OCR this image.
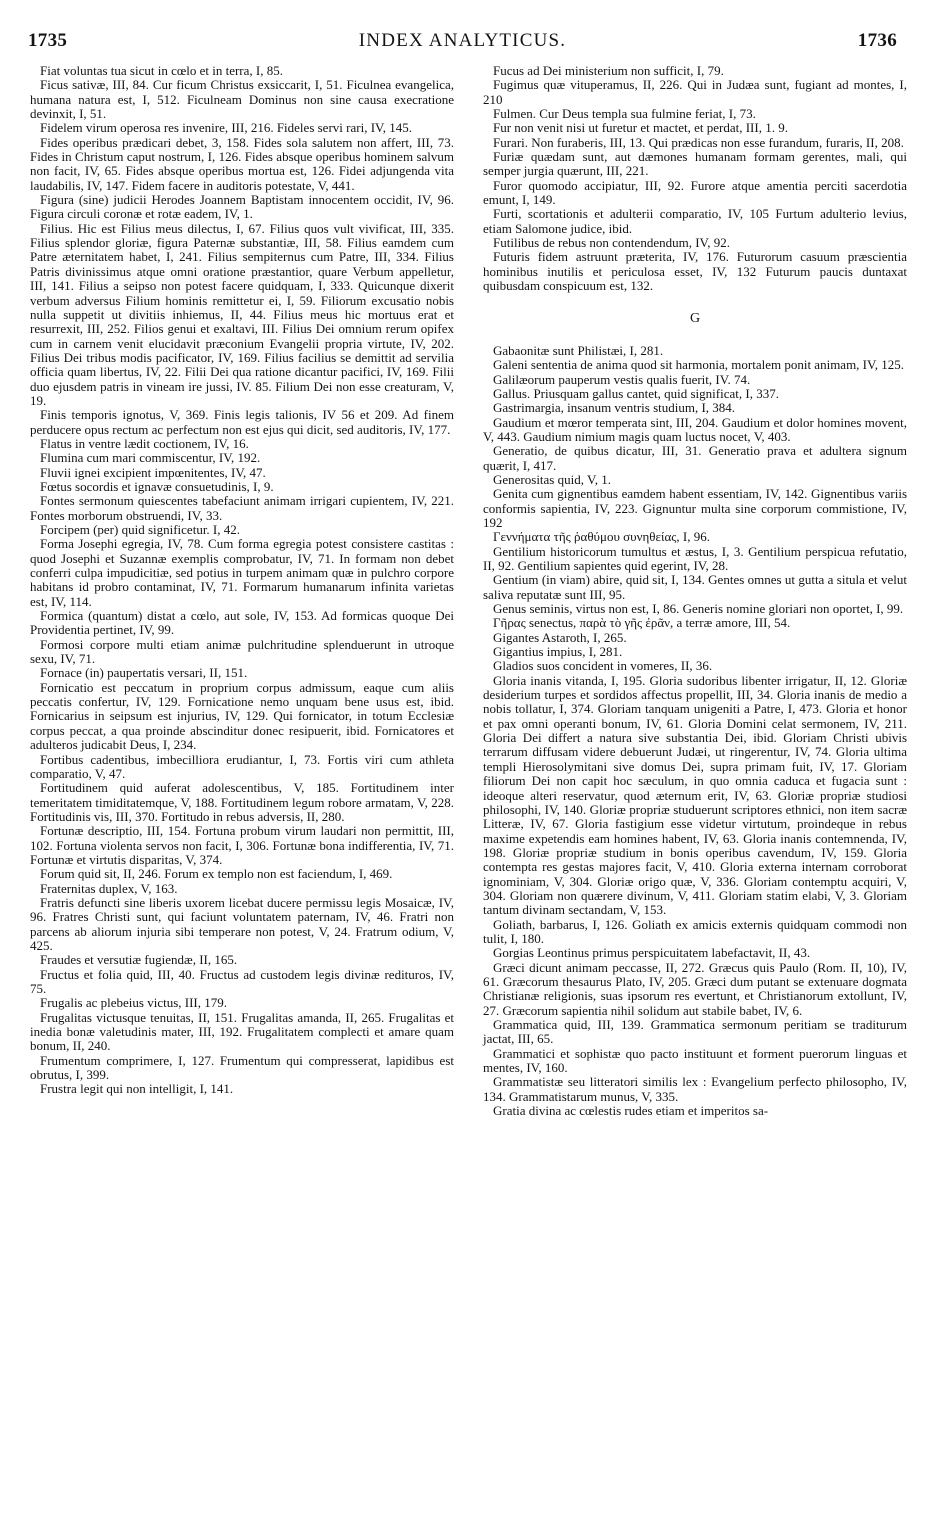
1735	INDEX ANALYTICUS.	1736

Fiat voluntas tua sicut in cœlo et in terra, I, 85.

Ficus sativæ, III, 84. Cur ficum Christus exsiccarit, I, 51. Ficulnea evangelica, humana natura est, I, 512. Ficulneam Dominus non sine causa execratione devinxit, I, 51.

Fidelem virum operosa res invenire, III, 216. Fideles servi rari, IV, 145.

Fides operibus prædicari debet, 3, 158. Fides sola salutem non affert, III, 73. Fides in Christum caput nostrum, I, 126. Fides absque operibus hominem salvum non facit, IV, 65. Fides absque operibus mortua est, 126. Fidei adjungenda vita laudabilis, IV, 147. Fidem facere in auditoris potestate, V, 441.

Figura (sine) judicii Herodes Joannem Baptistam innocentem occidit, IV, 96. Figura circuli coronæ et rotæ eadem, IV, 1.

Filius. Hic est Filius meus dilectus, I, 67. Filius quos vult vivificat, III, 335. Filius splendor gloriæ, figura Paternæ substantiæ, III, 58. Filius eamdem cum Patre æternitatem habet, I, 241. Filius sempiternus cum Patre, III, 334. Filius Patris divinissimus atque omni oratione præstantior, quare Verbum appelletur, III, 141. Filius a seipso non potest facere quidquam, I, 333. Quicunque dixerit verbum adversus Filium hominis remittetur ei, I, 59. Filiorum excusatio nobis nulla suppetit ut divitiis inhiemus, II, 44. Filius meus hic mortuus erat et resurrexit, III, 252. Filios genui et exaltavi, III. Filius Dei omnium rerum opifex cum in carnem venit elucidavit præconium Evangelii propria virtute, IV, 202. Filius Dei tribus modis pacificator, IV, 169. Filius facilius se demittit ad servilia officia quam libertus, IV, 22. Filii Dei qua ratione dicantur pacifici, IV, 169. Filii duo ejusdem patris in vineam ire jussi, IV. 85. Filium Dei non esse creaturam, V, 19.

Finis temporis ignotus, V, 369. Finis legis talionis, IV 56 et 209. Ad finem perducere opus rectum ac perfectum non est ejus qui dicit, sed auditoris, IV, 177.

Flatus in ventre lædit coctionem, IV, 16.

Flumina cum mari commiscentur, IV, 192.

Fluvii ignei excipient impœnitentes, IV, 47.

Fœtus socordis et ignavæ consuetudinis, I, 9.

Fontes sermonum quiescentes tabefaciunt animam irrigari cupientem, IV, 221. Fontes morborum obstruendi, IV, 33.

Forcipem (per) quid significetur. I, 42.

Forma Josephi egregia, IV, 78. Cum forma egregia potest consistere castitas : quod Josephi et Suzannæ exemplis comprobatur, IV, 71. In formam non debet conferri culpa impudicitiæ, sed potius in turpem animam quæ in pulchro corpore habitans id probro contaminat, IV, 71. Formarum humanarum infinita varietas est, IV, 114.

Formica (quantum) distat a cœlo, aut sole, IV, 153. Ad formicas quoque Dei Providentia pertinet, IV, 99.

Formosi corpore multi etiam animæ pulchritudine splenduerunt in utroque sexu, IV, 71.

Fornace (in) paupertatis versari, II, 151.

Fornicatio est peccatum in proprium corpus admissum, eaque cum aliis peccatis confertur, IV, 129. Fornicatione nemo unquam bene usus est, ibid. Fornicarius in seipsum est injurius, IV, 129. Qui fornicator, in totum Ecclesiæ corpus peccat, a qua proinde abscinditur donec resipuerit, ibid. Fornicatores et adulteros judicabit Deus, I, 234.

Fortibus cadentibus, imbecilliora erudiantur, I, 73. Fortis viri cum athleta comparatio, V, 47.

Fortitudinem quid auferat adolescentibus, V, 185. Fortitudinem inter temeritatem timiditatemque, V, 188. Fortitudinem legum robore armatam, V, 228. Fortitudinis vis, III, 370. Fortitudo in rebus adversis, II, 280.

Fortunæ descriptio, III, 154. Fortuna probum virum laudari non permittit, III, 102. Fortuna violenta servos non facit, I, 306. Fortunæ bona indifferentia, IV, 71. Fortunæ et virtutis disparitas, V, 374.

Forum quid sit, II, 246. Forum ex templo non est faciendum, I, 469.

Fraternitas duplex, V, 163.

Fratris defuncti sine liberis uxorem licebat ducere permissu legis Mosaicæ, IV, 96. Fratres Christi sunt, qui faciunt voluntatem paternam, IV, 46. Fratri non parcens ab aliorum injuria sibi temperare non potest, V, 24. Fratrum odium, V, 425.

Fraudes et versutiæ fugiendæ, II, 165.

Fructus et folia quid, III, 40. Fructus ad custodem legis divinæ redituros, IV, 75.

Frugalis ac plebeius victus, III, 179.

Frugalitas victusque tenuitas, II, 151. Frugalitas amanda, II, 265. Frugalitas et inedia bonæ valetudinis mater, III, 192. Frugalitatem complecti et amare quam bonum, II, 240.

Frumentum comprimere, I, 127. Frumentum qui compresserat, lapidibus est obrutus, I, 399.

Frustra legit qui non intelligit, I, 141.

Fucus ad Dei ministerium non sufficit, I, 79.

Fugimus quæ vituperamus, II, 226. Qui in Judæa sunt, fugiant ad montes, I, 210

Fulmen. Cur Deus templa sua fulmine feriat, I, 73.

Fur non venit nisi ut furetur et mactet, et perdat, III, 1. 9.

Furari. Non furaberis, III, 13. Qui prædicas non esse furandum, furaris, II, 208.

Furiæ quædam sunt, aut dæmones humanam formam gerentes, mali, qui semper jurgia quærunt, III, 221.

Furor quomodo accipiatur, III, 92. Furore atque amentia perciti sacerdotia emunt, I, 149.

Furti, scortationis et adulterii comparatio, IV, 105 Furtum adulterio levius, etiam Salomone judice, ibid.

Futilibus de rebus non contendendum, IV, 92.

Futuris fidem astruunt præterita, IV, 176. Futurorum casuum præscientia hominibus inutilis et periculosa esset, IV, 132 Futurum paucis duntaxat quibusdam conspicuum est, 132.

G

Gabaonitæ sunt Philistæi, I, 281.

Galeni sententia de anima quod sit harmonia, mortalem ponit animam, IV, 125.

Galilæorum pauperum vestis qualis fuerit, IV. 74.

Gallus. Priusquam gallus cantet, quid significat, I, 337.

Gastrimargia, insanum ventris studium, I, 384.

Gaudium et mœror temperata sint, III, 204. Gaudium et dolor homines movent, V, 443. Gaudium nimium magis quam luctus nocet, V, 403.

Generatio, de quibus dicatur, III, 31. Generatio prava et adultera signum quærit, I, 417.

Generositas quid, V, 1.

Genita cum gignentibus eamdem habent essentiam, IV, 142. Gignentibus variis conformis sapientia, IV, 223. Gignuntur multa sine corporum commistione, IV, 192

Γεννήματα τῆς ῥαθύμου συνηθείας, I, 96.

Gentilium historicorum tumultus et æstus, I, 3. Gentilium perspicua refutatio, II, 92. Gentilium sapientes quid egerint, IV, 28.

Gentium (in viam) abire, quid sit, I, 134. Gentes omnes ut gutta a situla et velut saliva reputatæ sunt III, 95.

Genus seminis, virtus non est, I, 86. Generis nomine gloriari non oportet, I, 99.

Γῆρας senectus, παρὰ τὸ γῆς ἐρᾶν, a terræ amore, III, 54.

Gigantes Astaroth, I, 265.

Gigantius impius, I, 281.

Gladios suos concident in vomeres, II, 36.

Gloria inanis vitanda, I, 195. Gloria sudoribus libenter irrigatur, II, 12. Gloriæ desiderium turpes et sordidos affectus propellit, III, 34. Gloria inanis de medio a nobis tollatur, I, 374. Gloriam tanquam unigeniti a Patre, I, 473. Gloria et honor et pax omni operanti bonum, IV, 61. Gloria Domini celat sermonem, IV, 211. Gloria Dei differt a natura sive substantia Dei, ibid. Gloriam Christi ubivis terrarum diffusam videre debuerunt Judæi, ut ringerentur, IV, 74. Gloria ultima templi Hierosolymitani sive domus Dei, supra primam fuit, IV, 17. Gloriam filiorum Dei non capit hoc sæculum, in quo omnia caduca et fugacia sunt : ideoque alteri reservatur, quod æternum erit, IV, 63. Gloriæ propriæ studiosi philosophi, IV, 140. Gloriæ propriæ studuerunt scriptores ethnici, non item sacræ Litteræ, IV, 67. Gloria fastigium esse videtur virtutum, proindeque in rebus maxime expetendis eam homines habent, IV, 63. Gloria inanis contemnenda, IV, 198. Gloriæ propriæ studium in bonis operibus cavendum, IV, 159. Gloria contempta res gestas majores facit, V, 410. Gloria externa internam corroborat ignominiam, V, 304. Gloriæ origo quæ, V, 336. Gloriam contemptu acquiri, V, 304. Gloriam non quærere divinum, V, 411. Gloriam statim elabi, V, 3. Gloriam tantum divinam sectandam, V, 153.

Goliath, barbarus, I, 126. Goliath ex amicis externis quidquam commodi non tulit, I, 180.

Gorgias Leontinus primus perspicuitatem labefactavit, II, 43.

Græci dicunt animam peccasse, II, 272. Græcus quis Paulo (Rom. II, 10), IV, 61. Græcorum thesaurus Plato, IV, 205. Græci dum putant se extenuare dogmata Christianæ religionis, suas ipsorum res evertunt, et Christianorum extollunt, IV, 27. Græcorum sapientia nihil solidum aut stabile babet, IV, 6.

Grammatica quid, III, 139. Grammatica sermonum peritiam se traditurum jactat, III, 65.

Grammatici et sophistæ quo pacto instituunt et forment puerorum linguas et mentes, IV, 160.

Grammatistæ seu litteratori similis lex : Evangelium perfecto philosopho, IV, 134. Grammatistarum munus, V, 335.

Gratia divina ac cœlestis rudes etiam et imperitos sa-
